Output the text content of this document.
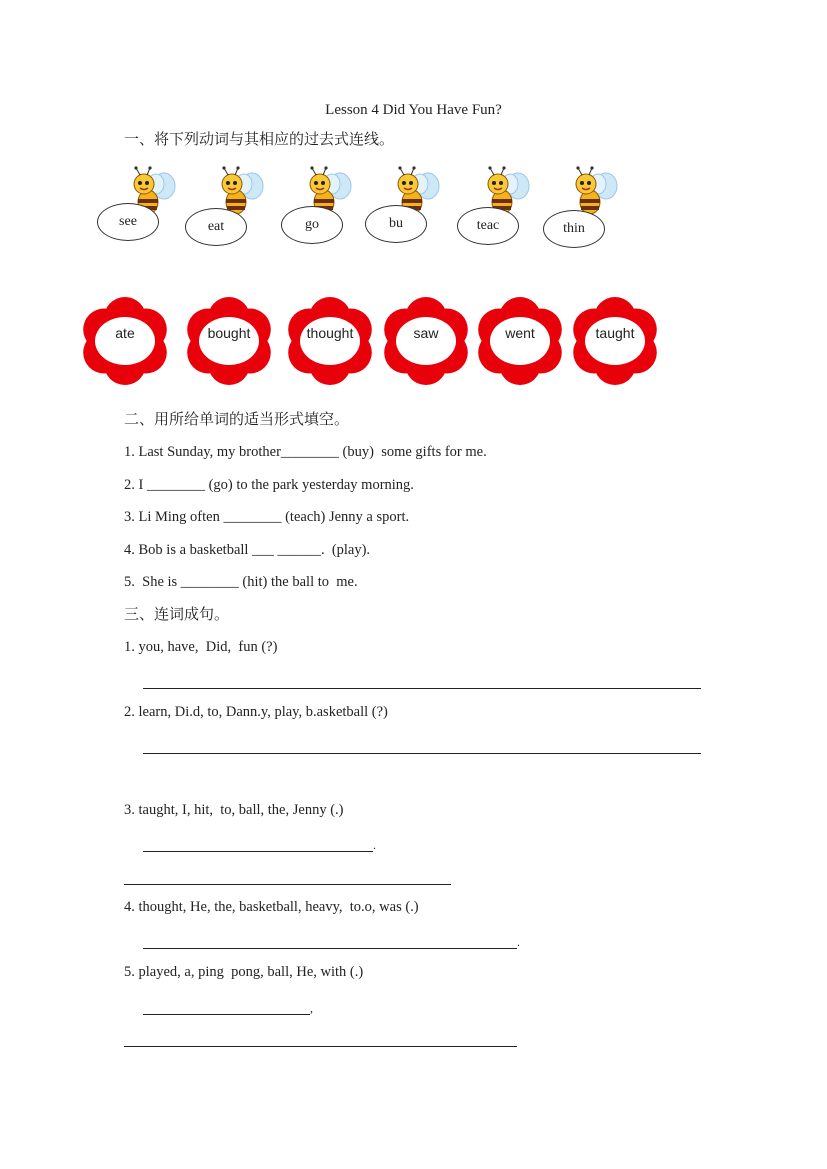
Lesson 4 Did You Have Fun?
一、将下列动词与其相应的过去式连线。
see	eat	go	bu	teac	thin
ate	bought	thought	saw	went	taught
二、用所给单词的适当形式填空。
1. Last Sunday, my brother________ (buy)  some gifts for me.
2. I ________ (go) to the park yesterday morning.
3. Li Ming often ________ (teach) Jenny a sport.
4. Bob is a basketball ___ ______.  (play).
5.  She is ________ (hit) the ball to  me.
三、连词成句。
1. you, have,  Did,  fun (?)
2. learn, Di.d, to, Dann.y, play, b.asketball (?)
3. taught, I, hit,  to, ball, the, Jenny (.)
.
4. thought, He, the, basketball, heavy,  to.o, was (.)
.
5. played, a, ping  pong, ball, He, with (.)
,
